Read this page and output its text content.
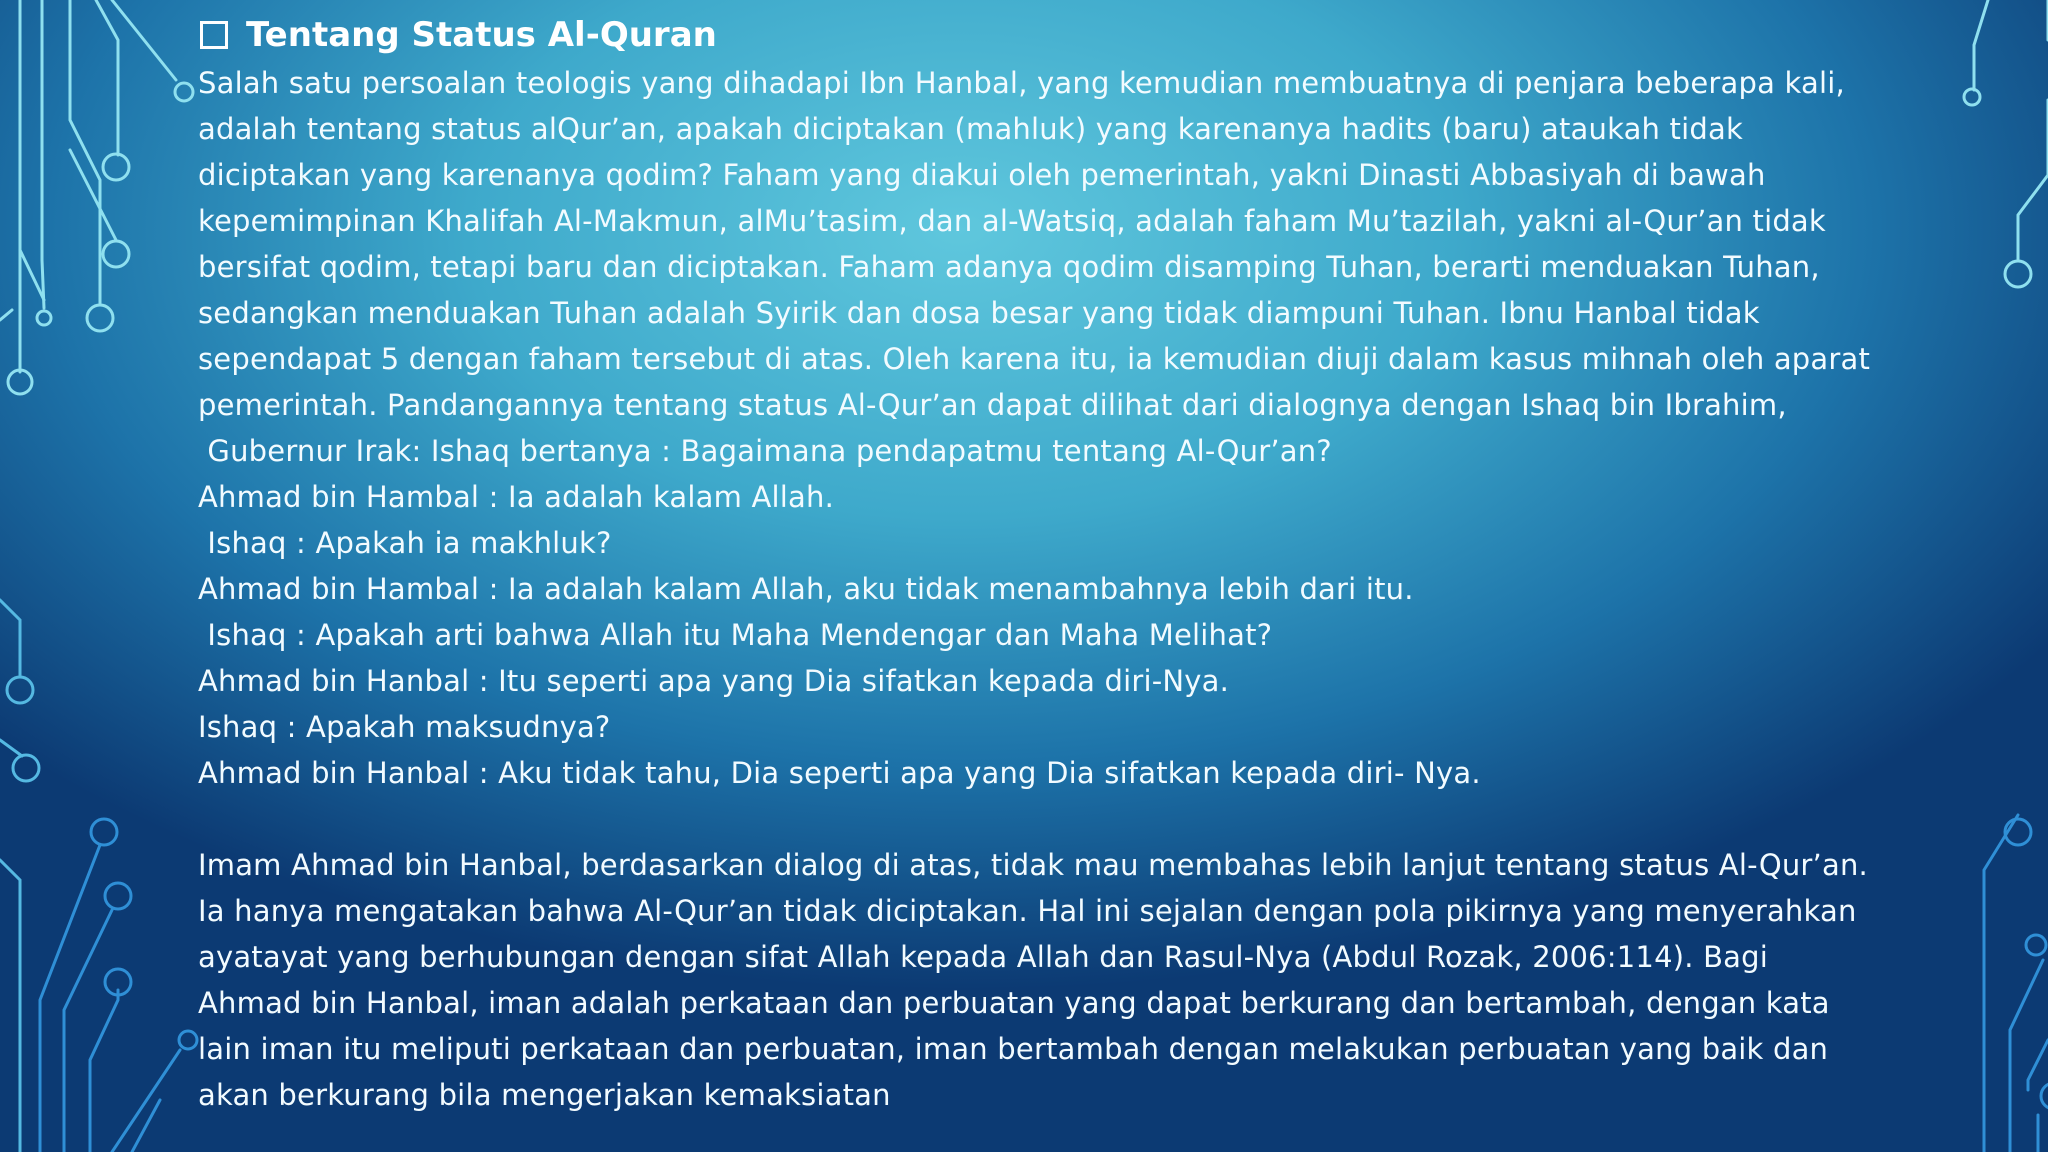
Tentang Status Al-Quran
Salah satu persoalan teologis yang dihadapi Ibn Hanbal, yang kemudian membuatnya di penjara beberapa kali,
adalah tentang status alQur’an, apakah diciptakan (mahluk) yang karenanya hadits (baru) ataukah tidak
diciptakan yang karenanya qodim? Faham yang diakui oleh pemerintah, yakni Dinasti Abbasiyah di bawah
kepemimpinan Khalifah Al-Makmun, alMu’tasim, dan al-Watsiq, adalah faham Mu’tazilah, yakni al-Qur’an tidak
bersifat qodim, tetapi baru dan diciptakan. Faham adanya qodim disamping Tuhan, berarti menduakan Tuhan,
sedangkan menduakan Tuhan adalah Syirik dan dosa besar yang tidak diampuni Tuhan. Ibnu Hanbal tidak
sependapat 5 dengan faham tersebut di atas. Oleh karena itu, ia kemudian diuji dalam kasus mihnah oleh aparat
pemerintah. Pandangannya tentang status Al-Qur’an dapat dilihat dari dialognya dengan Ishaq bin Ibrahim,
Gubernur Irak: Ishaq bertanya : Bagaimana pendapatmu tentang Al-Qur’an?
Ahmad bin Hambal : Ia adalah kalam Allah.
Ishaq : Apakah ia makhluk?
Ahmad bin Hambal : Ia adalah kalam Allah, aku tidak menambahnya lebih dari itu.
Ishaq : Apakah arti bahwa Allah itu Maha Mendengar dan Maha Melihat?
Ahmad bin Hanbal : Itu seperti apa yang Dia sifatkan kepada diri-Nya.
Ishaq : Apakah maksudnya?
Ahmad bin Hanbal : Aku tidak tahu, Dia seperti apa yang Dia sifatkan kepada diri- Nya.
Imam Ahmad bin Hanbal, berdasarkan dialog di atas, tidak mau membahas lebih lanjut tentang status Al-Qur’an.
Ia hanya mengatakan bahwa Al-Qur’an tidak diciptakan. Hal ini sejalan dengan pola pikirnya yang menyerahkan
ayatayat yang berhubungan dengan sifat Allah kepada Allah dan Rasul-Nya (Abdul Rozak, 2006:114). Bagi
Ahmad bin Hanbal, iman adalah perkataan dan perbuatan yang dapat berkurang dan bertambah, dengan kata
lain iman itu meliputi perkataan dan perbuatan, iman bertambah dengan melakukan perbuatan yang baik dan
akan berkurang bila mengerjakan kemaksiatan
